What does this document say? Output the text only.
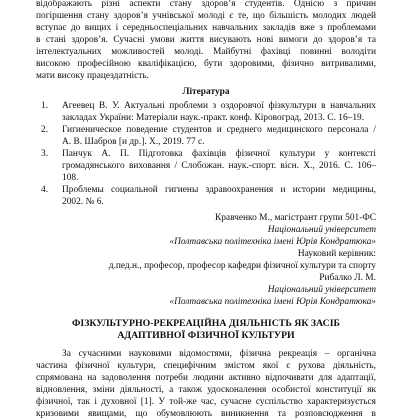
відображають різні аспекти стану здоров’я студентів. Одніcю з причин
погіршення стану здоров’я учнівської молоді є те, що більшість молодих людей
вступає до вищих і середньоспеціальних навчальних закладів вже з проблемами
в стані здоров’я. Сучасні умови життя висувають нові вимоги до здоров’я та
інтелектуальних можливостей молоді. Майбутні фахівці повинні володіти
високою професійною кваліфікацією, бути здоровими, фізично витривалими,
мати високу працездатність.
Література
1. Агеевец В. У. Актуальні проблеми з оздоровчої фізкультури в навчальних
закладах України: Матеріали наук.-практ. конф. Кіровоград, 2013. С. 16–19.
2. Гигиеническое поведение студентов и среднего медицинского персонала /
А. В. Шабров [и др.]. Х., 2019. 77 с.
3. Панчук А. П. Підготовка фахівців фізичної культури у контексті
громадянського виховання / Слобожан. наук.-спорт. вісн. Х., 2016. С. 106–
108.
4. Проблемы социальной гигиены здравоохранения и истории медицины,
2002. № 6.
Кравченко М., магістрант групи 501-ФС
Національний університет
«Полтавська політехніка імені Юрія Кондратюка»
Науковий керівник:
д.пед.н., професор, професор кафедри фізичної культури та спорту
Рибалко Л. М.
Національний університет
«Полтавська політехніка імені Юрія Кондратюка»
ФІЗКУЛЬТУРНО-РЕКРЕАЦІЙНА ДІЯЛЬНІСТЬ ЯК ЗАСІБ
АДАПТИВНОЇ ФІЗИЧНОЇ КУЛЬТУРИ
За сучасними науковими відомостями, фізична рекреація – органічна
частина фізичної культури, специфічним змістом якої є рухова діяльність,
спрямована на задоволення потреби людини активно відпочивати для адаптації,
відновлення, зміни діяльності, а також удосконалення особистої конституції як
фізичної, так і духовної [1]. У той-же час, сучасне суспільство характеризується
кризовими явищами, що обумовлюють виникнення та розповсюдження в
